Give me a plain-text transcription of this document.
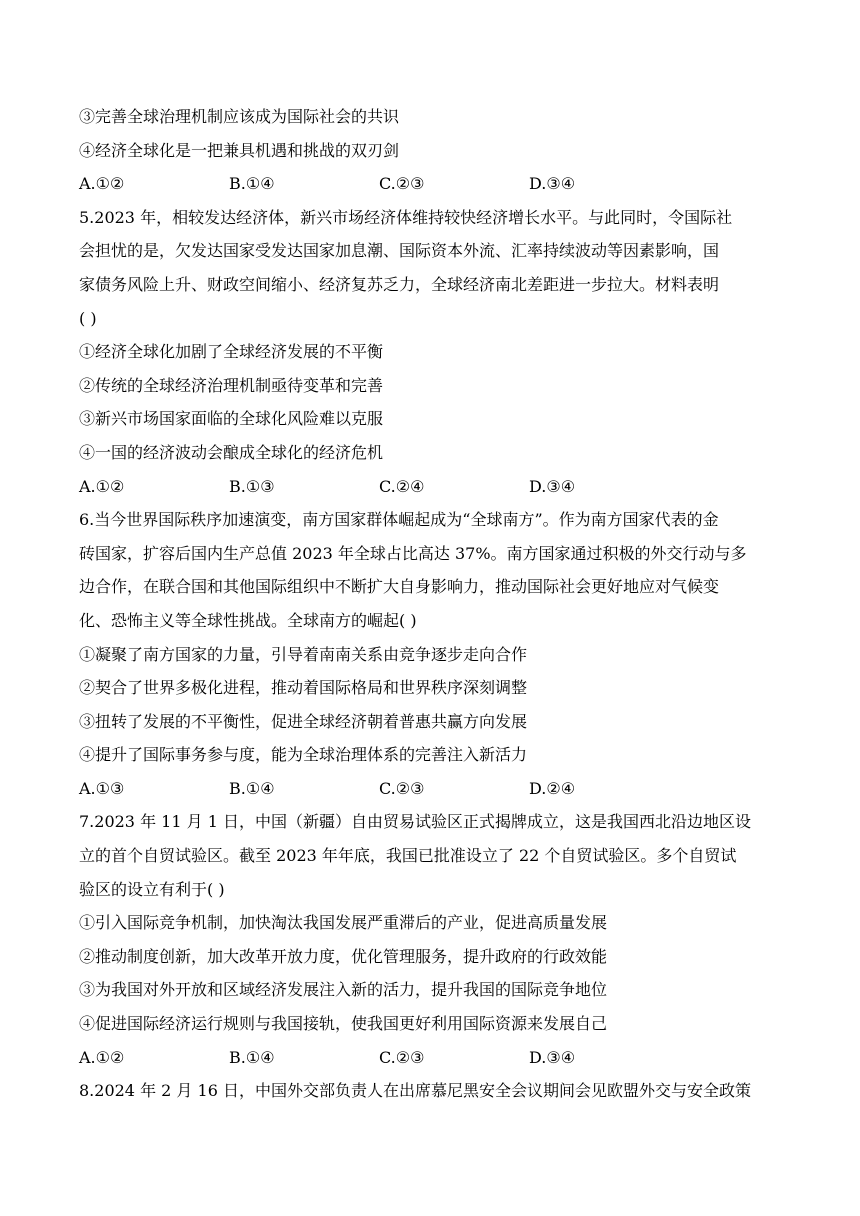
③完善全球治理机制应该成为国际社会的共识
④经济全球化是一把兼具机遇和挑战的双刃剑
A.①②	B.①④	C.②③	D.③④
5.2023 年，相较发达经济体，新兴市场经济体维持较快经济增长水平。与此同时，令国际社
会担忧的是，欠发达国家受发达国家加息潮、国际资本外流、汇率持续波动等因素影响，国
家债务风险上升、财政空间缩小、经济复苏乏力，全球经济南北差距进一步拉大。材料表明
( )
①经济全球化加剧了全球经济发展的不平衡
②传统的全球经济治理机制亟待变革和完善
③新兴市场国家面临的全球化风险难以克服
④一国的经济波动会酿成全球化的经济危机
A.①②	B.①③	C.②④	D.③④
6.当今世界国际秩序加速演变，南方国家群体崛起成为“全球南方”。作为南方国家代表的金
砖国家，扩容后国内生产总值 2023 年全球占比高达 37%。南方国家通过积极的外交行动与多
边合作，在联合国和其他国际组织中不断扩大自身影响力，推动国际社会更好地应对气候变
化、恐怖主义等全球性挑战。全球南方的崛起( )
①凝聚了南方国家的力量，引导着南南关系由竞争逐步走向合作
②契合了世界多极化进程，推动着国际格局和世界秩序深刻调整
③扭转了发展的不平衡性，促进全球经济朝着普惠共赢方向发展
④提升了国际事务参与度，能为全球治理体系的完善注入新活力
A.①③	B.①④	C.②③	D.②④
7.2023 年 11 月 1 日，中国（新疆）自由贸易试验区正式揭牌成立，这是我国西北沿边地区设
立的首个自贸试验区。截至 2023 年年底，我国已批准设立了 22 个自贸试验区。多个自贸试
验区的设立有利于( )
①引入国际竞争机制，加快淘汰我国发展严重滞后的产业，促进高质量发展
②推动制度创新，加大改革开放力度，优化管理服务，提升政府的行政效能
③为我国对外开放和区域经济发展注入新的活力，提升我国的国际竞争地位
④促进国际经济运行规则与我国接轨，使我国更好利用国际资源来发展自己
A.①②	B.①④	C.②③	D.③④
8.2024 年 2 月 16 日，中国外交部负责人在出席慕尼黑安全会议期间会见欧盟外交与安全政策
